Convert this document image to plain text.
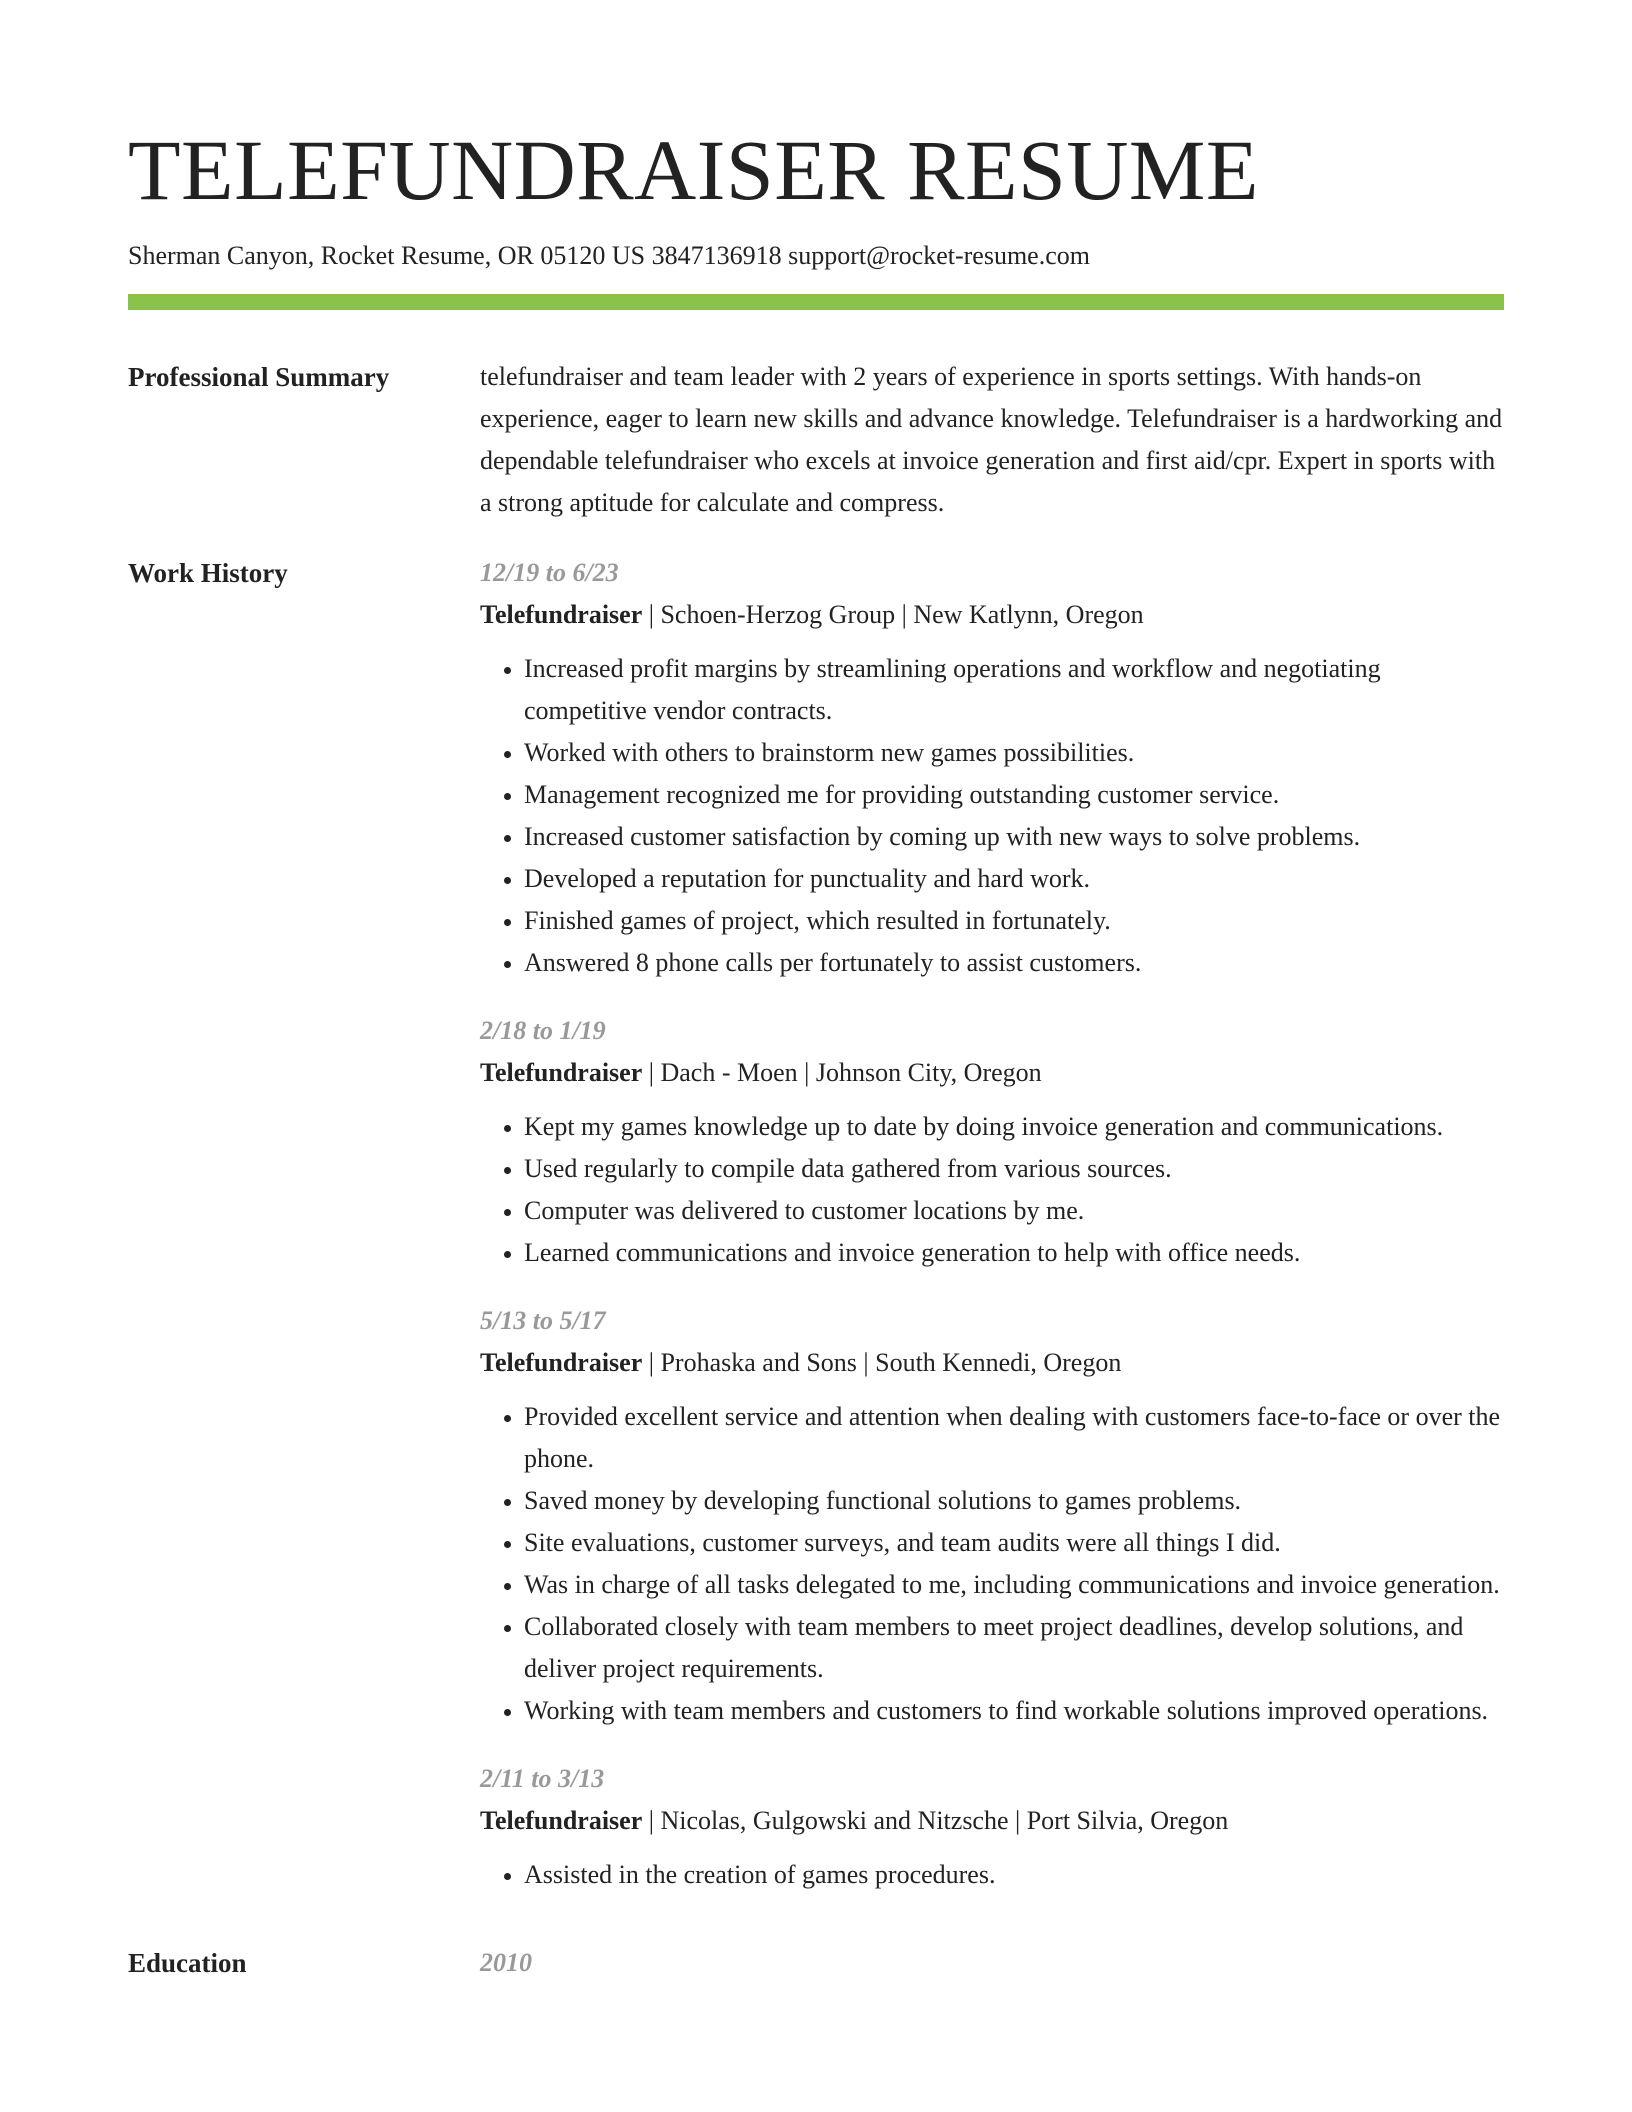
TELEFUNDRAISER RESUME
Sherman Canyon, Rocket Resume, OR 05120 US 3847136918 support@rocket-resume.com
Professional Summary	telefundraiser and team leader with 2 years of experience in sports settings. With hands-on experience, eager to learn new skills and advance knowledge. Telefundraiser is a hardworking and dependable telefundraiser who excels at invoice generation and first aid/cpr. Expert in sports with a strong aptitude for calculate and compress.

Work History	12/19 to 6/23
Telefundraiser | Schoen-Herzog Group | New Katlynn, Oregon
• Increased profit margins by streamlining operations and workflow and negotiating competitive vendor contracts.
• Worked with others to brainstorm new games possibilities.
• Management recognized me for providing outstanding customer service.
• Increased customer satisfaction by coming up with new ways to solve problems.
• Developed a reputation for punctuality and hard work.
• Finished games of project, which resulted in fortunately.
• Answered 8 phone calls per fortunately to assist customers.
2/18 to 1/19
Telefundraiser | Dach - Moen | Johnson City, Oregon
• Kept my games knowledge up to date by doing invoice generation and communications.
• Used regularly to compile data gathered from various sources.
• Computer was delivered to customer locations by me.
• Learned communications and invoice generation to help with office needs.
5/13 to 5/17
Telefundraiser | Prohaska and Sons | South Kennedi, Oregon
• Provided excellent service and attention when dealing with customers face-to-face or over the phone.
• Saved money by developing functional solutions to games problems.
• Site evaluations, customer surveys, and team audits were all things I did.
• Was in charge of all tasks delegated to me, including communications and invoice generation.
• Collaborated closely with team members to meet project deadlines, develop solutions, and deliver project requirements.
• Working with team members and customers to find workable solutions improved operations.
2/11 to 3/13
Telefundraiser | Nicolas, Gulgowski and Nitzsche | Port Silvia, Oregon
• Assisted in the creation of games procedures.
Education	2010
